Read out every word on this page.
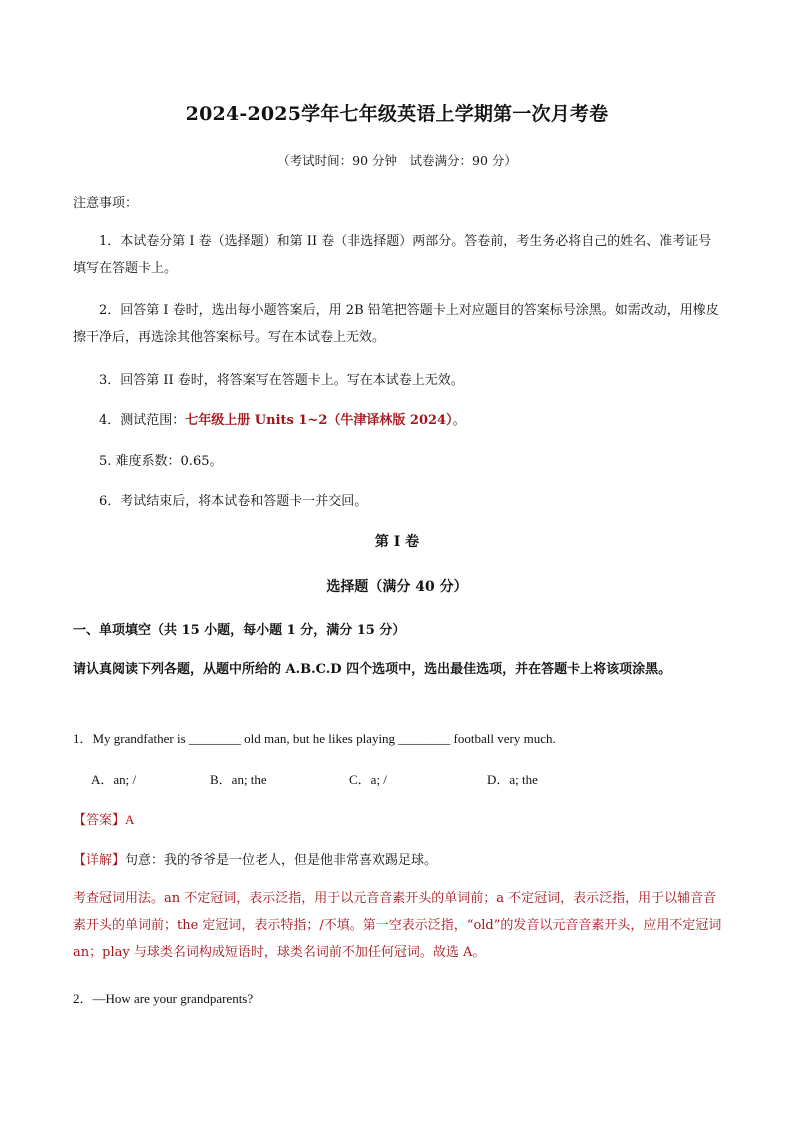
2024-2025学年七年级英语上学期第一次月考卷
（考试时间：90 分钟　试卷满分：90 分）
注意事项：
1．本试卷分第 I 卷（选择题）和第 II 卷（非选择题）两部分。答卷前，考生务必将自己的姓名、准考证号填写在答题卡上。
2．回答第 I 卷时，选出每小题答案后，用 2B 铅笔把答题卡上对应题目的答案标号涂黑。如需改动，用橡皮擦干净后，再选涂其他答案标号。写在本试卷上无效。
3．回答第 II 卷时，将答案写在答题卡上。写在本试卷上无效。
4．测试范围：七年级上册 Units 1~2（牛津译林版 2024）。
5. 难度系数：0.65。
6．考试结束后，将本试卷和答题卡一并交回。
第 I 卷
选择题（满分 40 分）
一、单项填空（共 15 小题，每小题 1 分，满分 15 分）
请认真阅读下列各题，从题中所给的 A.B.C.D 四个选项中，选出最佳选项，并在答题卡上将该项涂黑。
1．My grandfather is ________ old man, but he likes playing ________ football very much.
A．an; /	B．an; the	C．a; /	D．a; the
【答案】A
【详解】句意：我的爷爷是一位老人，但是他非常喜欢踢足球。
考查冠词用法。an 不定冠词，表示泛指，用于以元音音素开头的单词前；a 不定冠词，表示泛指，用于以辅音音素开头的单词前；the 定冠词，表示特指；/不填。第一空表示泛指，“old”的发音以元音音素开头，应用不定冠词 an；play 与球类名词构成短语时，球类名词前不加任何冠词。故选 A。
2．—How are your grandparents?
